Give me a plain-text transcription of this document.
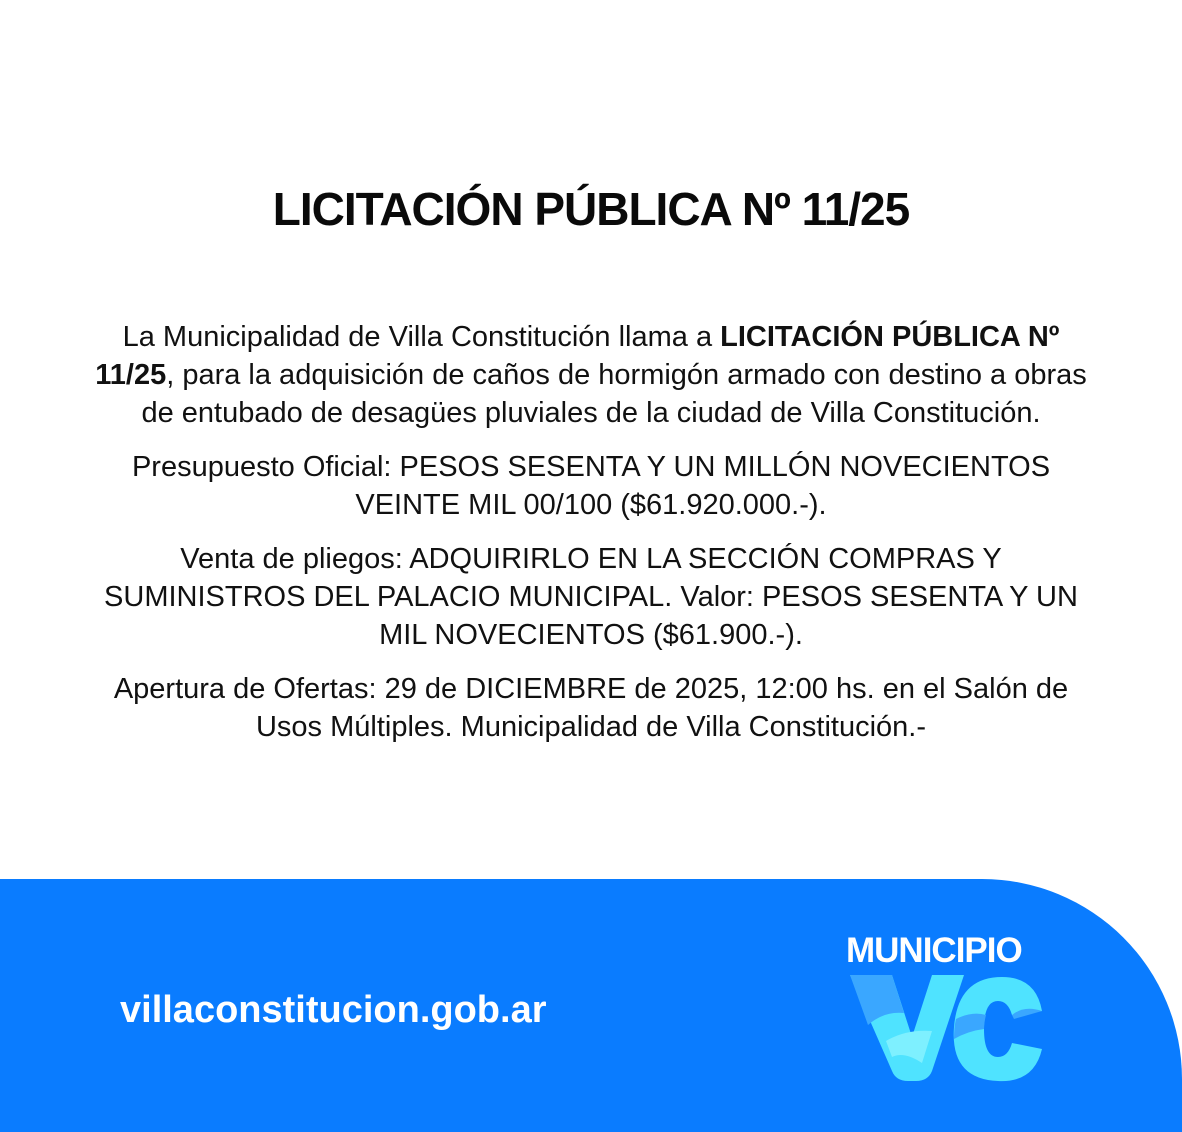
LICITACIÓN PÚBLICA Nº 11/25

La Municipalidad de Villa Constitución llama a LICITACIÓN PÚBLICA Nº 11/25, para la adquisición de caños de hormigón armado con destino a obras de entubado de desagües pluviales de la ciudad de Villa Constitución.

Presupuesto Oficial: PESOS SESENTA Y UN MILLÓN NOVECIENTOS VEINTE MIL 00/100 ($61.920.000.-).

Venta de pliegos: ADQUIRIRLO EN LA SECCIÓN COMPRAS Y SUMINISTROS DEL PALACIO MUNICIPAL. Valor: PESOS SESENTA Y UN MIL NOVECIENTOS ($61.900.-).

Apertura de Ofertas: 29 de DICIEMBRE de 2025, 12:00 hs. en el Salón de Usos Múltiples. Municipalidad de Villa Constitución.-

villaconstitucion.gob.ar
MUNICIPIO
